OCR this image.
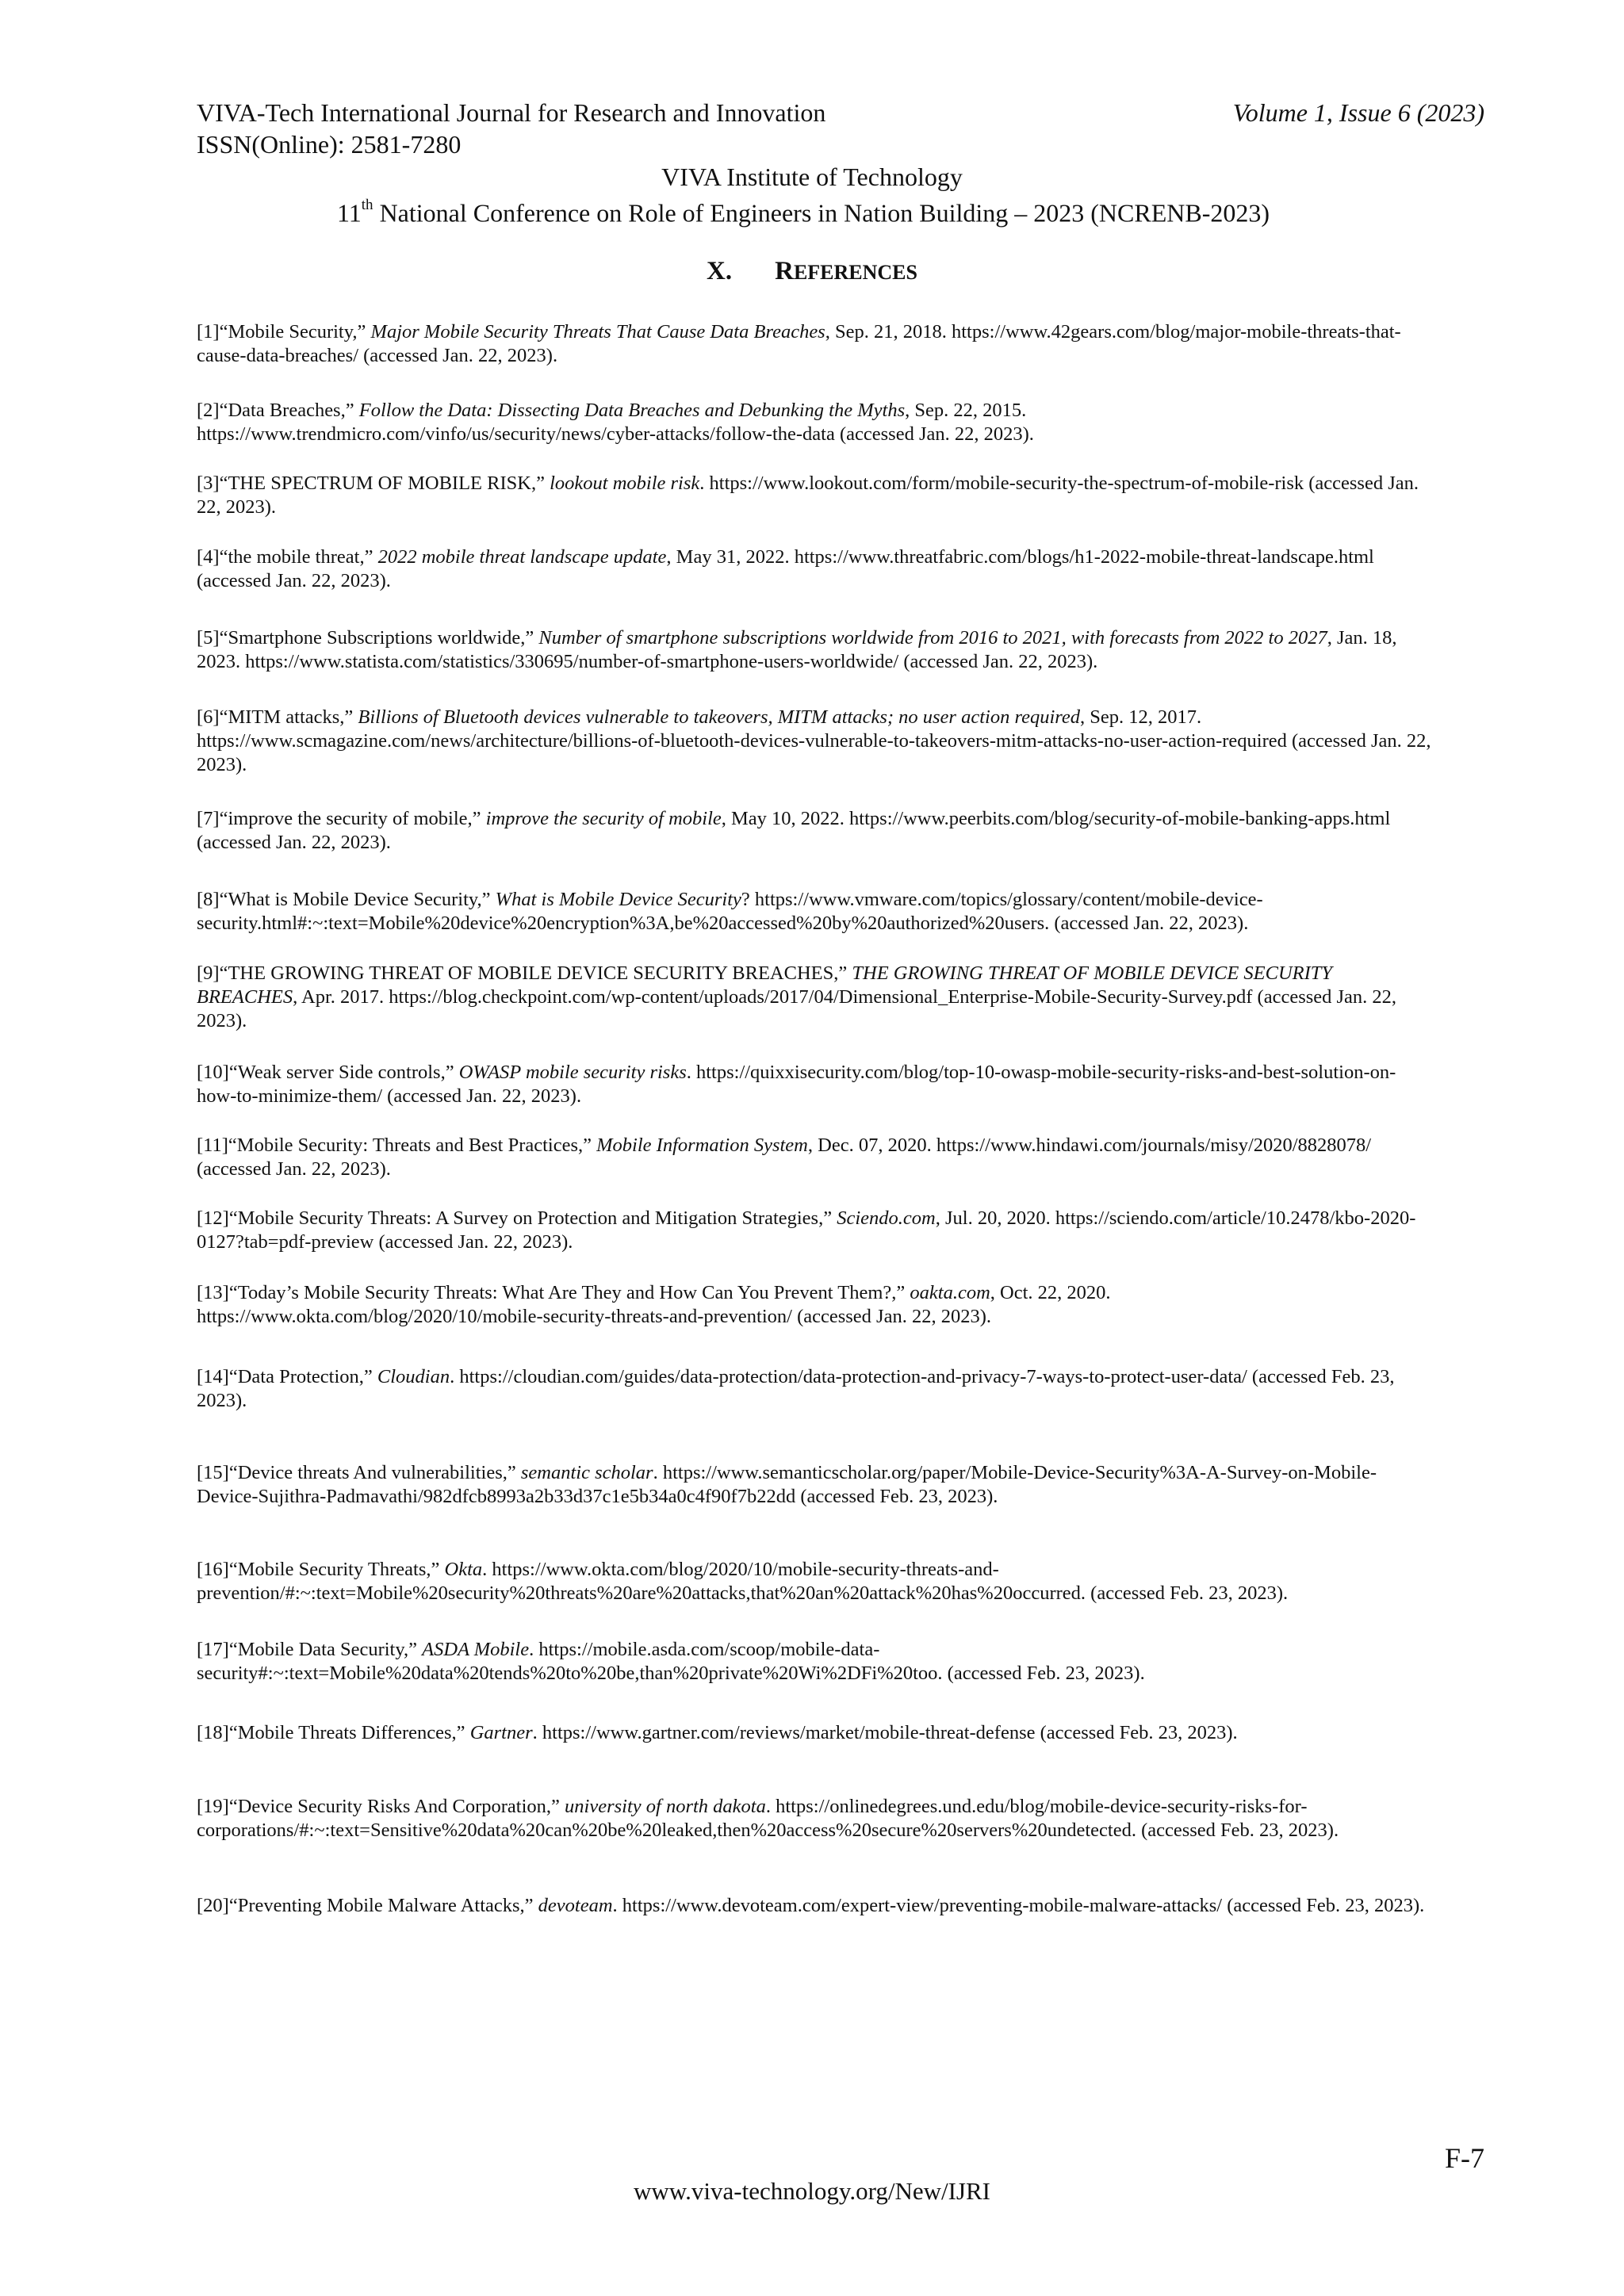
VIVA-Tech International Journal for Research and Innovation	Volume 1, Issue 6 (2023)
ISSN(Online): 2581-7280
VIVA Institute of Technology
11th National Conference on Role of Engineers in Nation Building – 2023 (NCRENB-2023)
X. REFERENCES
[1]“Mobile Security,” Major Mobile Security Threats That Cause Data Breaches, Sep. 21, 2018. https://www.42gears.com/blog/major-mobile-threats-that-cause-data-breaches/ (accessed Jan. 22, 2023).
[2]“Data Breaches,” Follow the Data: Dissecting Data Breaches and Debunking the Myths, Sep. 22, 2015. https://www.trendmicro.com/vinfo/us/security/news/cyber-attacks/follow-the-data (accessed Jan. 22, 2023).
[3]“THE SPECTRUM OF MOBILE RISK,” lookout mobile risk. https://www.lookout.com/form/mobile-security-the-spectrum-of-mobile-risk (accessed Jan. 22, 2023).
[4]“the mobile threat,” 2022 mobile threat landscape update, May 31, 2022. https://www.threatfabric.com/blogs/h1-2022-mobile-threat-landscape.html (accessed Jan. 22, 2023).
[5]“Smartphone Subscriptions worldwide,” Number of smartphone subscriptions worldwide from 2016 to 2021, with forecasts from 2022 to 2027, Jan. 18, 2023. https://www.statista.com/statistics/330695/number-of-smartphone-users-worldwide/ (accessed Jan. 22, 2023).
[6]“MITM attacks,” Billions of Bluetooth devices vulnerable to takeovers, MITM attacks; no user action required, Sep. 12, 2017. https://www.scmagazine.com/news/architecture/billions-of-bluetooth-devices-vulnerable-to-takeovers-mitm-attacks-no-user-action-required (accessed Jan. 22, 2023).
[7]“improve the security of mobile,” improve the security of mobile, May 10, 2022. https://www.peerbits.com/blog/security-of-mobile-banking-apps.html (accessed Jan. 22, 2023).
[8]“What is Mobile Device Security,” What is Mobile Device Security? https://www.vmware.com/topics/glossary/content/mobile-device-security.html#:~:text=Mobile%20device%20encryption%3A,be%20accessed%20by%20authorized%20users. (accessed Jan. 22, 2023).
[9]“THE GROWING THREAT OF MOBILE DEVICE SECURITY BREACHES,” THE GROWING THREAT OF MOBILE DEVICE SECURITY BREACHES, Apr. 2017. https://blog.checkpoint.com/wp-content/uploads/2017/04/Dimensional_Enterprise-Mobile-Security-Survey.pdf (accessed Jan. 22, 2023).
[10]“Weak server Side controls,” OWASP mobile security risks. https://quixxisecurity.com/blog/top-10-owasp-mobile-security-risks-and-best-solution-on-how-to-minimize-them/ (accessed Jan. 22, 2023).
[11]“Mobile Security: Threats and Best Practices,” Mobile Information System, Dec. 07, 2020. https://www.hindawi.com/journals/misy/2020/8828078/ (accessed Jan. 22, 2023).
[12]“Mobile Security Threats: A Survey on Protection and Mitigation Strategies,” Sciendo.com, Jul. 20, 2020. https://sciendo.com/article/10.2478/kbo-2020-0127?tab=pdf-preview (accessed Jan. 22, 2023).
[13]“Today’s Mobile Security Threats: What Are They and How Can You Prevent Them?,” oakta.com, Oct. 22, 2020. https://www.okta.com/blog/2020/10/mobile-security-threats-and-prevention/ (accessed Jan. 22, 2023).
[14]“Data Protection,” Cloudian. https://cloudian.com/guides/data-protection/data-protection-and-privacy-7-ways-to-protect-user-data/ (accessed Feb. 23, 2023).
[15]“Device threats And vulnerabilities,” semantic scholar. https://www.semanticscholar.org/paper/Mobile-Device-Security%3A-A-Survey-on-Mobile-Device-Sujithra-Padmavathi/982dfcb8993a2b33d37c1e5b34a0c4f90f7b22dd (accessed Feb. 23, 2023).
[16]“Mobile Security Threats,” Okta. https://www.okta.com/blog/2020/10/mobile-security-threats-and-prevention/#:~:text=Mobile%20security%20threats%20are%20attacks,that%20an%20attack%20has%20occurred. (accessed Feb. 23, 2023).
[17]“Mobile Data Security,” ASDA Mobile. https://mobile.asda.com/scoop/mobile-data-security#:~:text=Mobile%20data%20tends%20to%20be,than%20private%20Wi%2DFi%20too. (accessed Feb. 23, 2023).
[18]“Mobile Threats Differences,” Gartner. https://www.gartner.com/reviews/market/mobile-threat-defense (accessed Feb. 23, 2023).
[19]“Device Security Risks And Corporation,” university of north dakota. https://onlinedegrees.und.edu/blog/mobile-device-security-risks-for-corporations/#:~:text=Sensitive%20data%20can%20be%20leaked,then%20access%20secure%20servers%20undetected. (accessed Feb. 23, 2023).
[20]“Preventing Mobile Malware Attacks,” devoteam. https://www.devoteam.com/expert-view/preventing-mobile-malware-attacks/ (accessed Feb. 23, 2023).
F-7
www.viva-technology.org/New/IJRI
